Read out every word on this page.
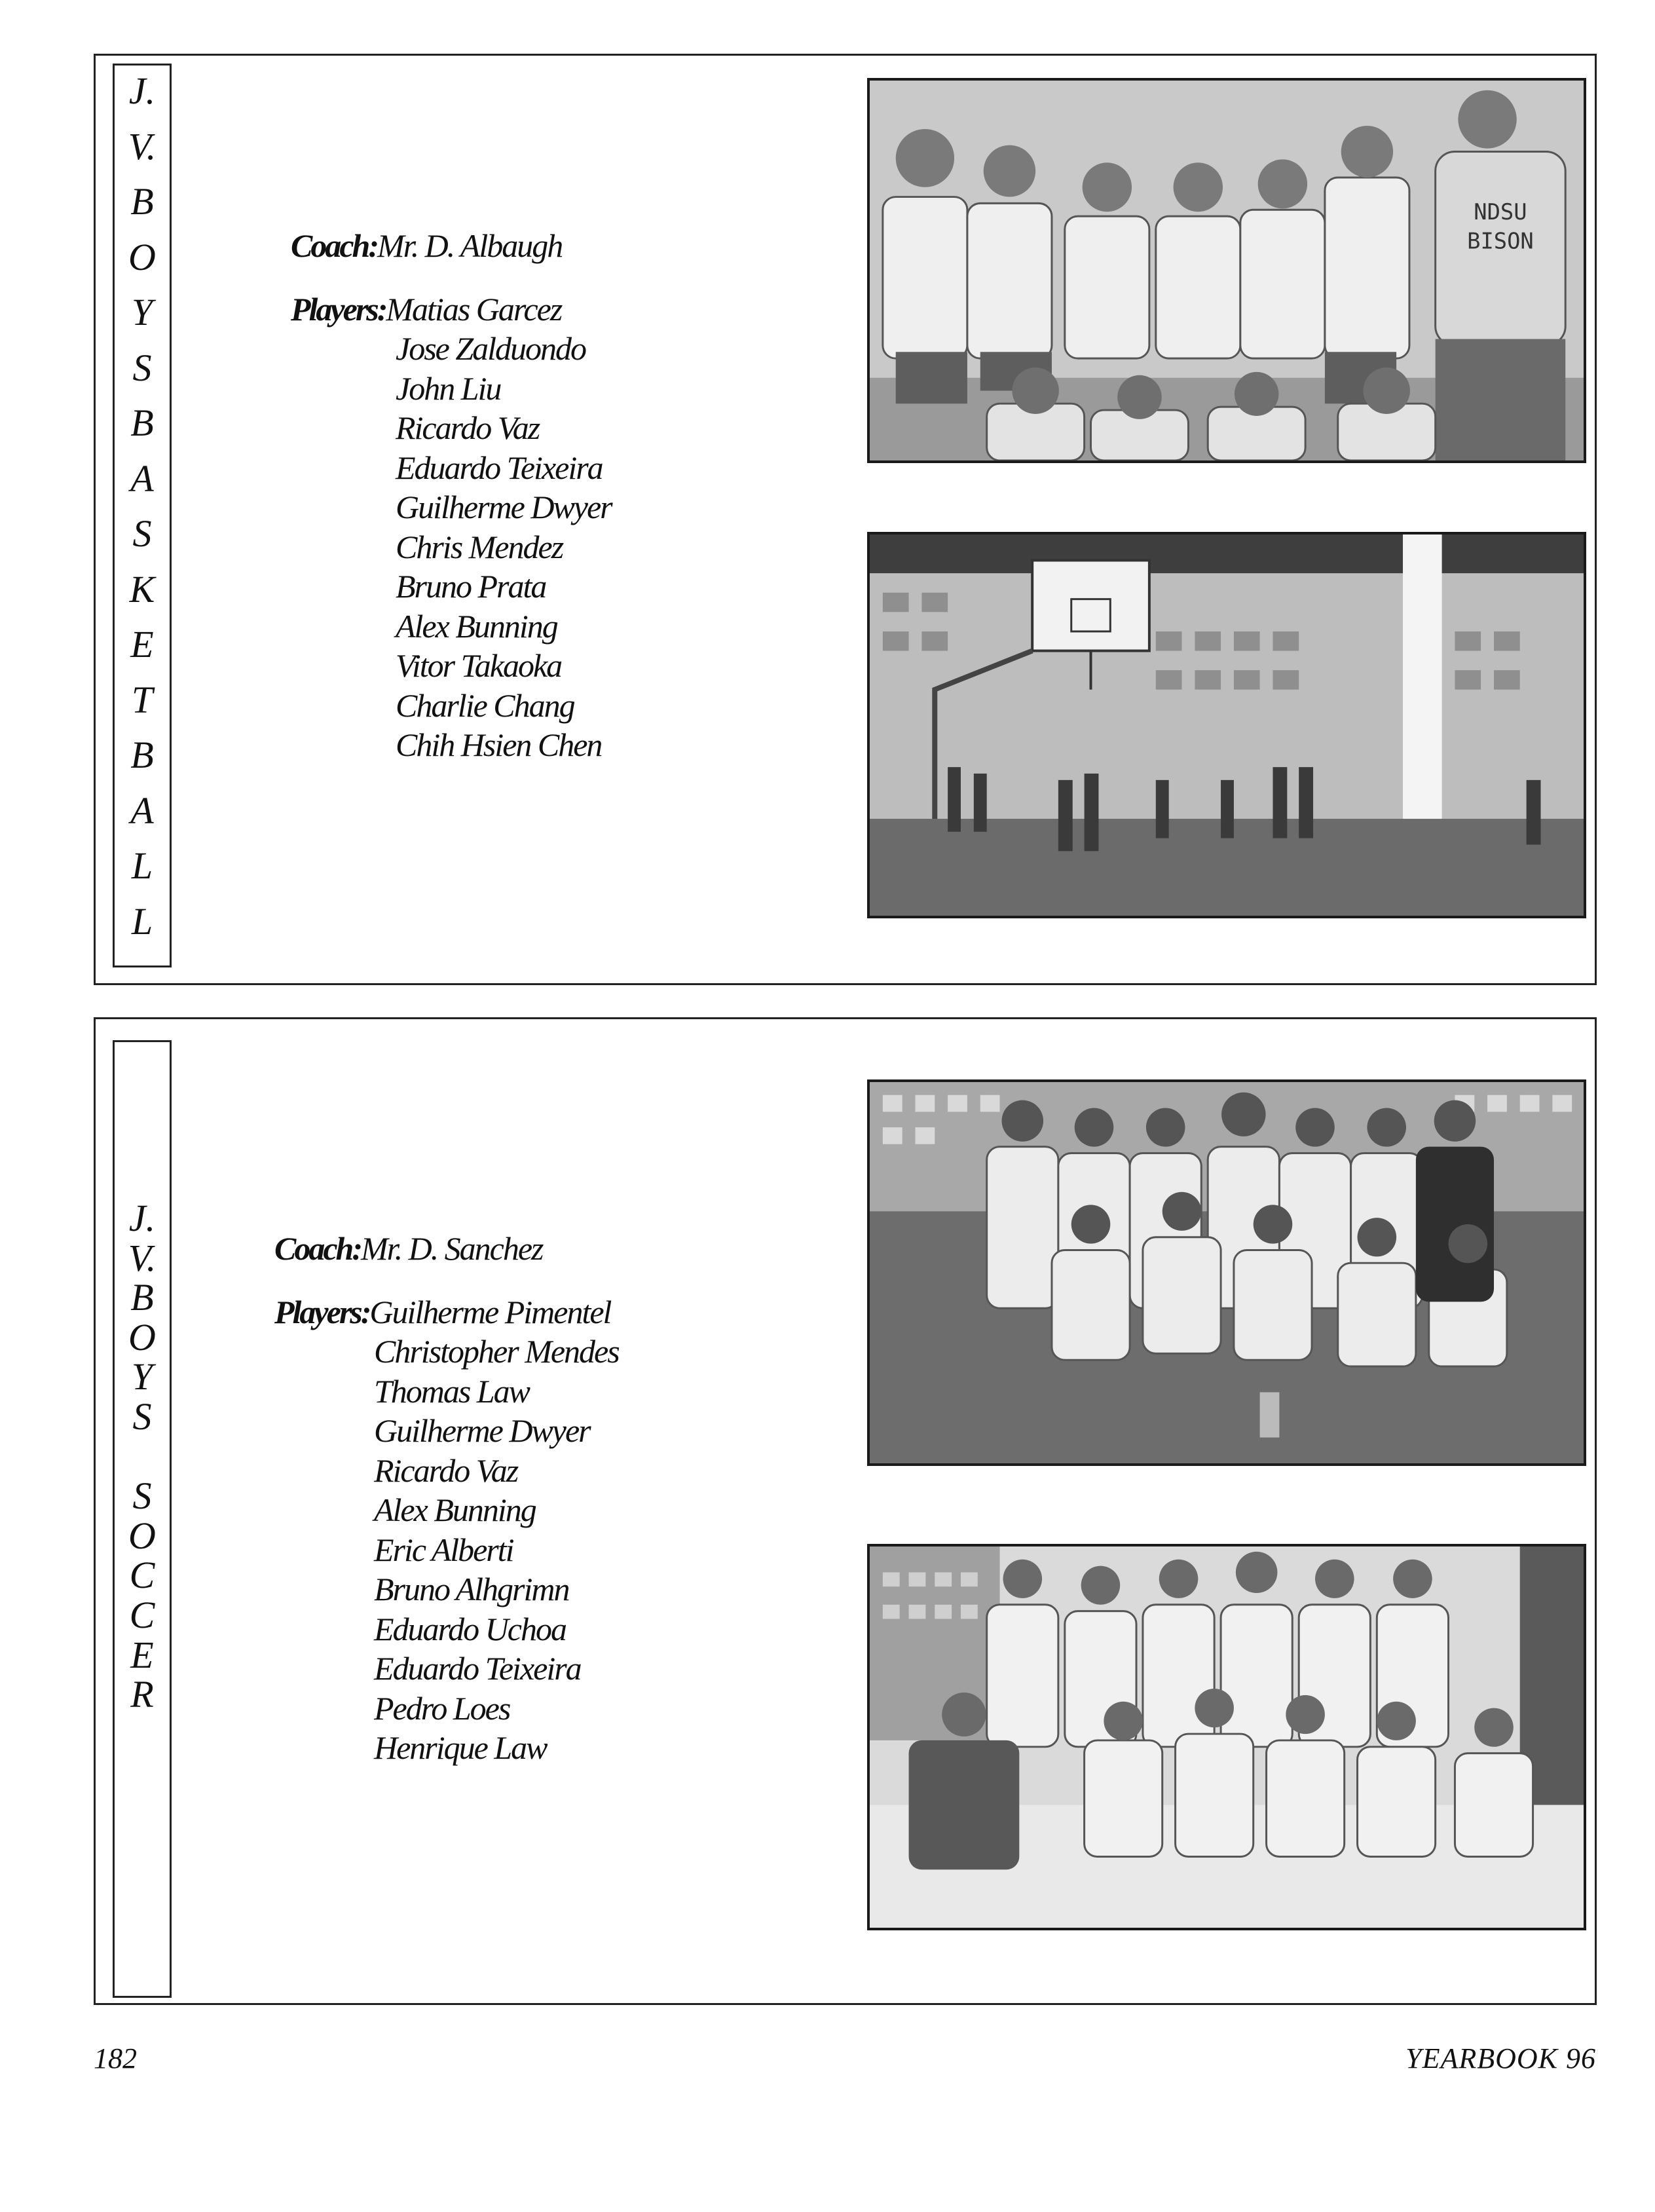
J.
V.
B
O
Y
S
B
A
S
K
E
T
B
A
L
L
Coach:Mr. D. Albaugh
Players: Matias Garcez
Jose Zalduondo
John Liu
Ricardo Vaz
Eduardo Teixeira
Guilherme Dwyer
Chris Mendez
Bruno Prata
Alex Bunning
Vitor Takaoka
Charlie Chang
Chih Hsien Chen
NDSU
BISON
J.
V.
B
O
Y
S
S
O
C
C
E
R
Coach:Mr. D. Sanchez
Players: Guilherme Pimentel
Christopher Mendes
Thomas Law
Guilherme Dwyer
Ricardo Vaz
Alex Bunning
Eric Alberti
Bruno Alhgrimn
Eduardo Uchoa
Eduardo Teixeira
Pedro Loes
Henrique Law
182	YEARBOOK 96
